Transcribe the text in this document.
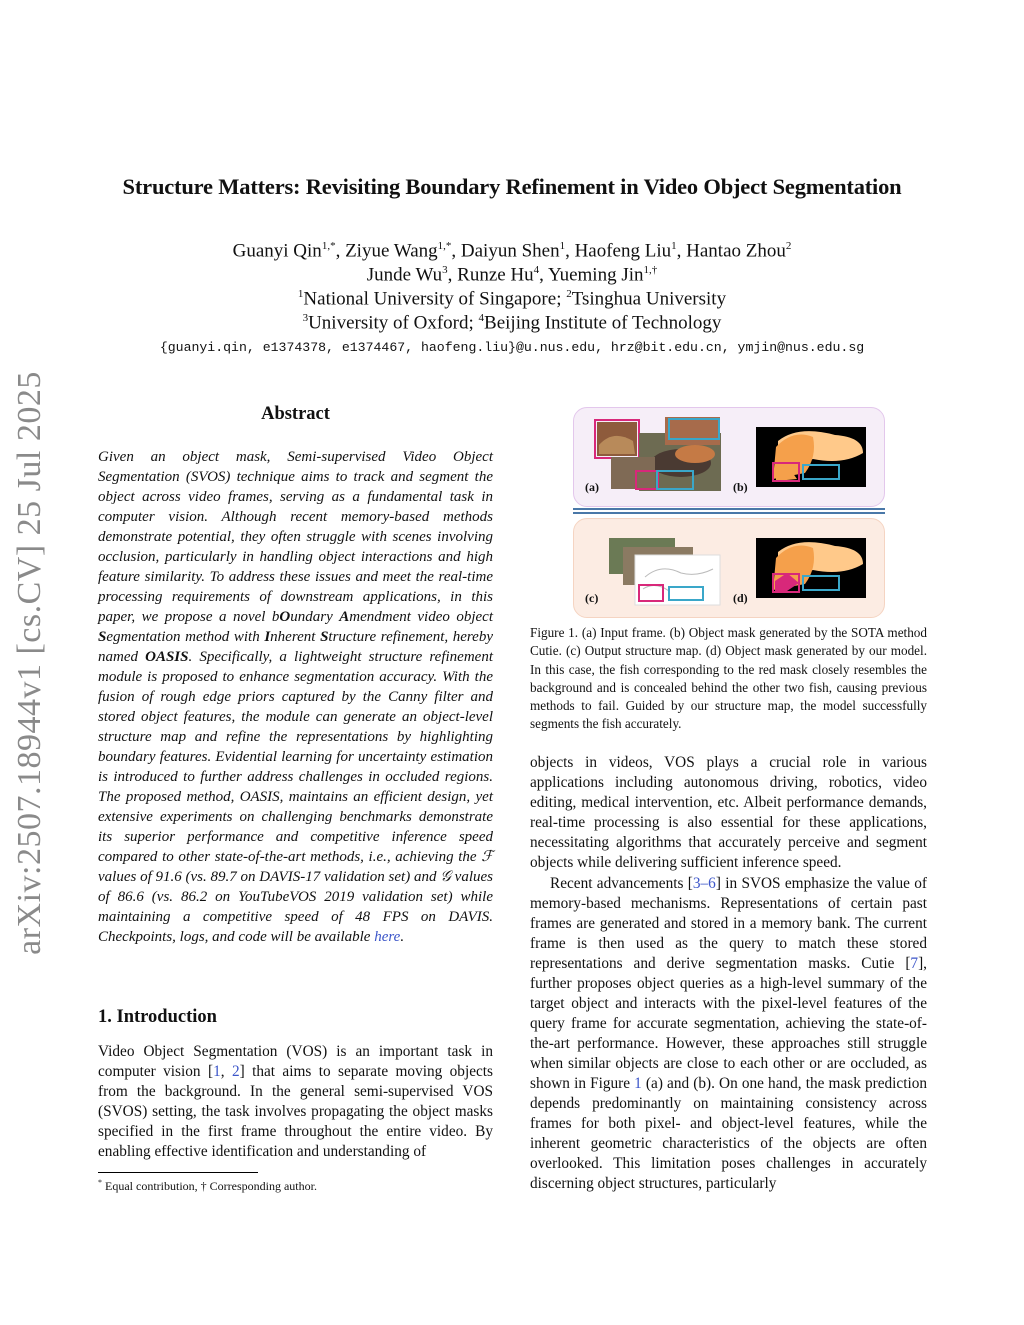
arXiv:2507.18944v1 [cs.CV] 25 Jul 2025
Structure Matters: Revisiting Boundary Refinement in Video Object Segmentation
Guanyi Qin$^{1,*}$, Ziyue Wang$^{1,*}$, Daiyun Shen$^1$, Haofeng Liu$^1$, Hantao Zhou$^2$
Junde Wu$^3$, Runze Hu$^4$, Yueming Jin$^{1,\dagger}$
$^1$National University of Singapore; $^2$Tsinghua University
$^3$University of Oxford; $^4$Beijing Institute of Technology
{guanyi.qin, e1374378, e1374467, haofeng.liu}@u.nus.edu, hrz@bit.edu.cn, ymjin@nus.edu.sg
Abstract
Given an object mask, Semi-supervised Video Object Segmentation (SVOS) technique aims to track and segment the object across video frames, serving as a fundamental task in computer vision. Although recent memory-based methods demonstrate potential, they often struggle with scenes involving occlusion, particularly in handling object interactions and high feature similarity. To address these issues and meet the real-time processing requirements of downstream applications, in this paper, we propose a novel bOundary Amendment video object Segmentation method with Inherent Structure refinement, hereby named OASIS. Specifically, a lightweight structure refinement module is proposed to enhance segmentation accuracy. With the fusion of rough edge priors captured by the Canny filter and stored object features, the module can generate an object-level structure map and refine the representations by highlighting boundary features. Evidential learning for uncertainty estimation is introduced to further address challenges in occluded regions. The proposed method, OASIS, maintains an efficient design, yet extensive experiments on challenging benchmarks demonstrate its superior performance and competitive inference speed compared to other state-of-the-art methods, i.e., achieving the ℱ values of 91.6 (vs. 89.7 on DAVIS-17 validation set) and 𝒢 values of 86.6 (vs. 86.2 on YouTubeVOS 2019 validation set) while maintaining a competitive speed of 48 FPS on DAVIS. Checkpoints, logs, and code will be available here.
1. Introduction
Video Object Segmentation (VOS) is an important task in computer vision [1, 2] that aims to separate moving objects from the background. In the general semi-supervised VOS (SVOS) setting, the task involves propagating the object masks specified in the first frame throughout the entire video. By enabling effective identification and understanding of
* Equal contribution, † Corresponding author.
(a)	(b)
(c)	(d)
Figure 1. (a) Input frame. (b) Object mask generated by the SOTA method Cutie. (c) Output structure map. (d) Object mask generated by our model. In this case, the fish corresponding to the red mask closely resembles the background and is concealed behind the other two fish, causing previous methods to fail. Guided by our structure map, the model successfully segments the fish accurately.

objects in videos, VOS plays a crucial role in various applications including autonomous driving, robotics, video editing, medical intervention, etc. Albeit performance demands, real-time processing is also essential for these applications, necessitating algorithms that accurately perceive and segment objects while delivering sufficient inference speed.

Recent advancements [3–6] in SVOS emphasize the value of memory-based mechanisms. Representations of certain past frames are generated and stored in a memory bank. The current frame is then used as the query to match these stored representations and derive segmentation masks. Cutie [7], further proposes object queries as a high-level summary of the target object and interacts with the pixel-level features of the query frame for accurate segmentation, achieving the state-of-the-art performance. However, these approaches still struggle when similar objects are close to each other or are occluded, as shown in Figure 1 (a) and (b). On one hand, the mask prediction depends predominantly on maintaining consistency across frames for both pixel- and object-level features, while the inherent geometric characteristics of the objects are often overlooked. This limitation poses challenges in accurately discerning object structures, particularly
